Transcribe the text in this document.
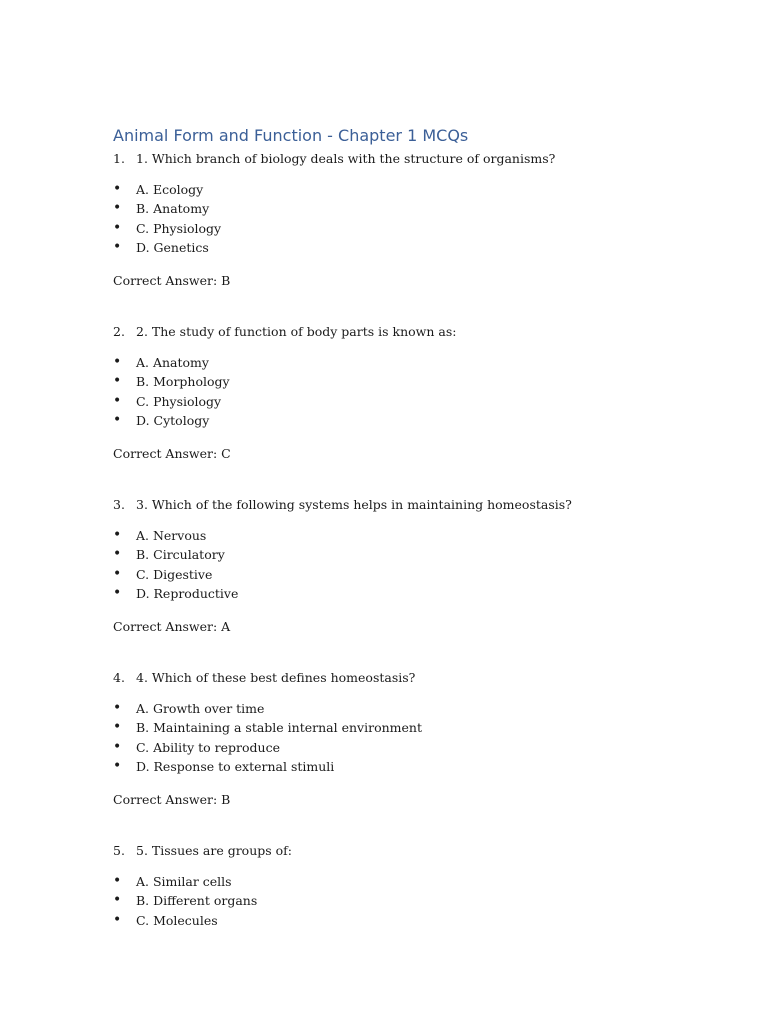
Animal Form and Function - Chapter 1 MCQs
1. 1. Which branch of biology deals with the structure of organisms?
•	A. Ecology
•	B. Anatomy
•	C. Physiology
•	D. Genetics

Correct Answer: B

2. 2. The study of function of body parts is known as:
•	A. Anatomy
•	B. Morphology
•	C. Physiology
•	D. Cytology

Correct Answer: C

3. 3. Which of the following systems helps in maintaining homeostasis?
•	A. Nervous
•	B. Circulatory
•	C. Digestive
•	D. Reproductive

Correct Answer: A

4. 4. Which of these best defines homeostasis?
•	A. Growth over time
•	B. Maintaining a stable internal environment
•	C. Ability to reproduce
•	D. Response to external stimuli

Correct Answer: B

5. 5. Tissues are groups of:
•	A. Similar cells
•	B. Different organs
•	C. Molecules
